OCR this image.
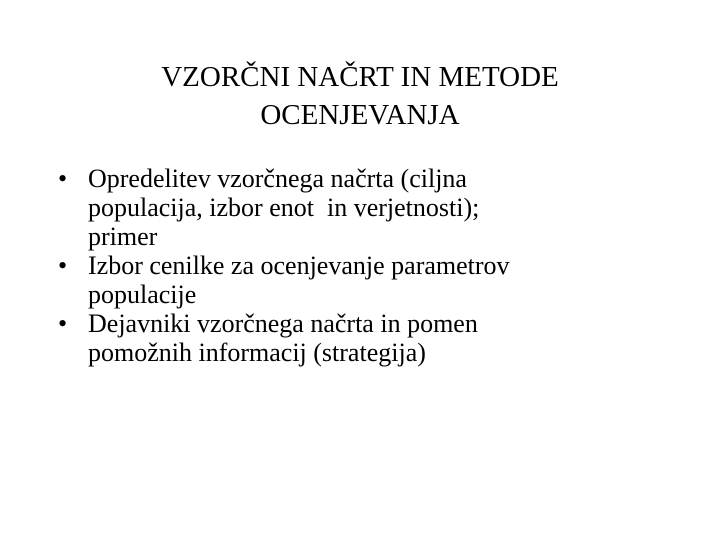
VZORČNI NAČRT IN METODE
OCENJEVANJA
• Opredelitev vzorčnega načrta (ciljna
populacija, izbor enot  in verjetnosti);
primer
• Izbor cenilke za ocenjevanje parametrov
populacije
• Dejavniki vzorčnega načrta in pomen
pomožnih informacij (strategija)
